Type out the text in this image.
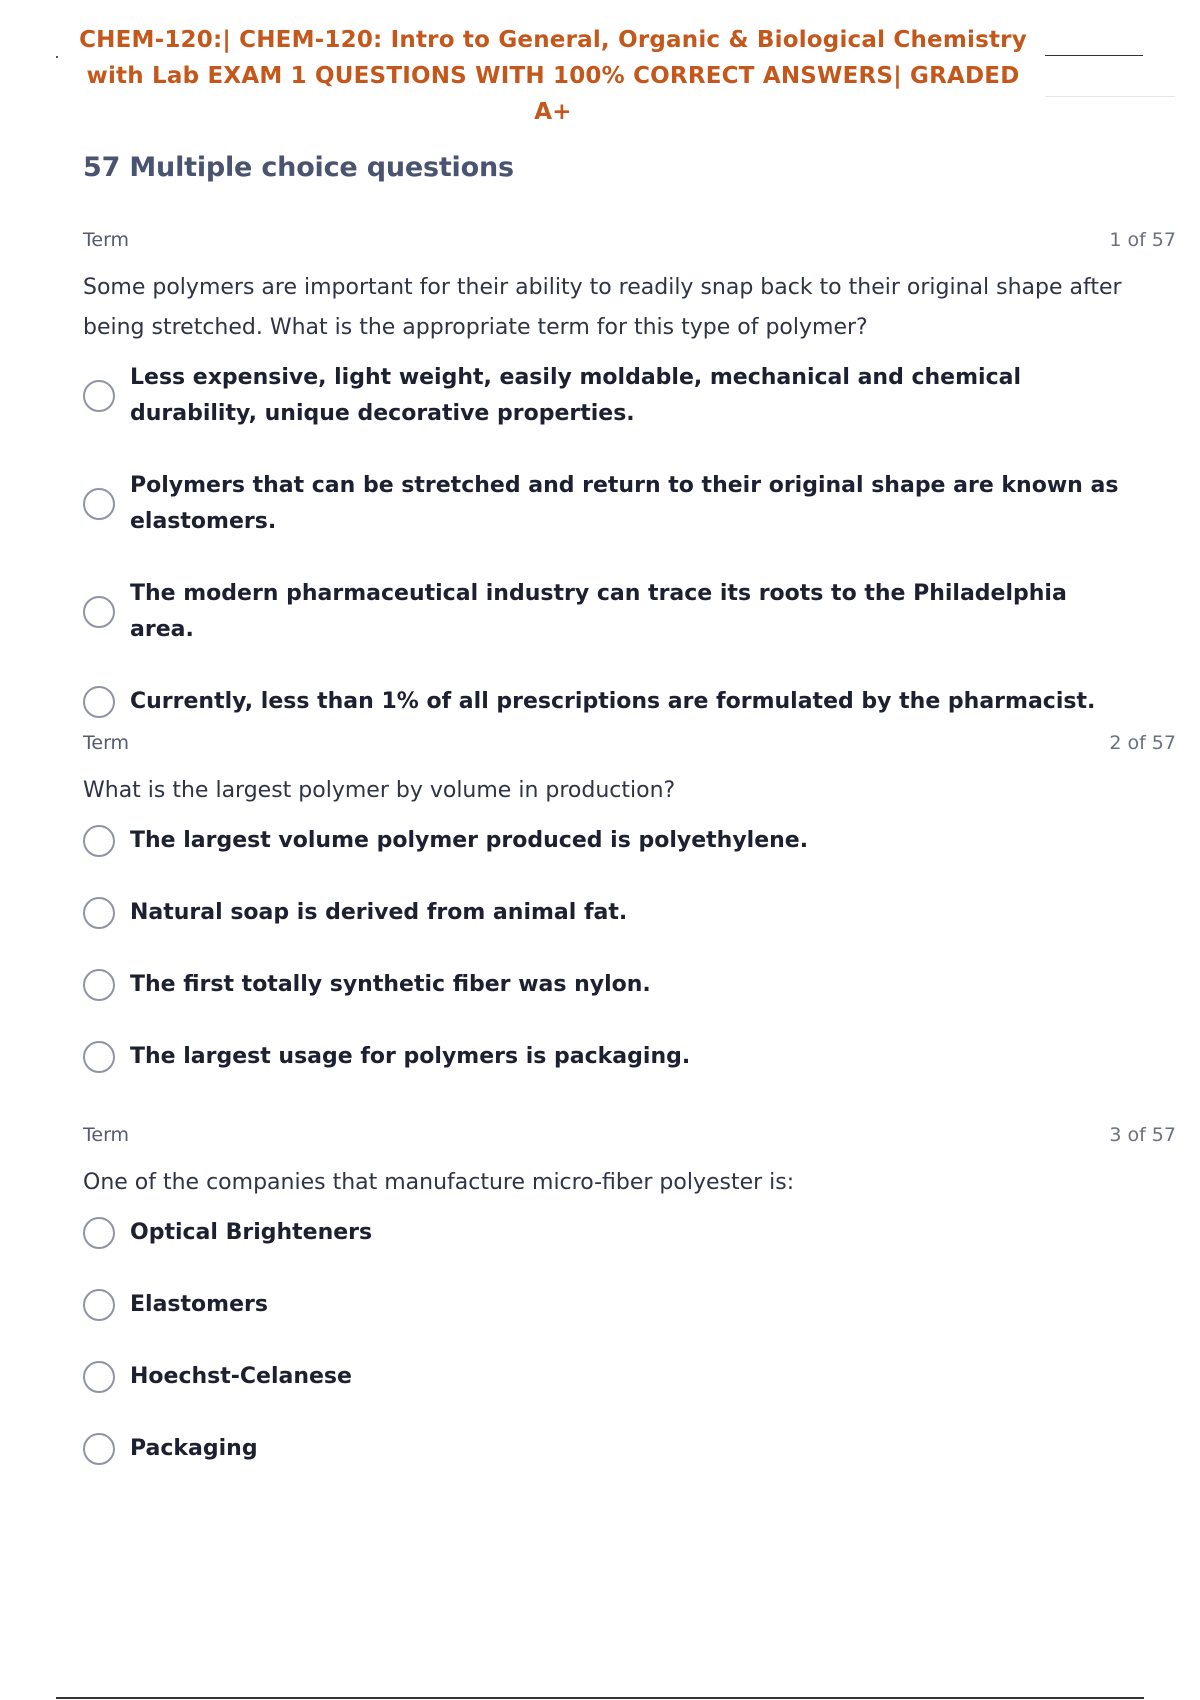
CHEM-120:| CHEM-120: Intro to General, Organic & Biological Chemistry
with Lab EXAM 1 QUESTIONS WITH 100% CORRECT ANSWERS| GRADED
A+
57 Multiple choice questions
Term	1 of 57
Some polymers are important for their ability to readily snap back to their original shape after being stretched. What is the appropriate term for this type of polymer?
Less expensive, light weight, easily moldable, mechanical and chemical durability, unique decorative properties.
Polymers that can be stretched and return to their original shape are known as elastomers.
The modern pharmaceutical industry can trace its roots to the Philadelphia area.
Currently, less than 1% of all prescriptions are formulated by the pharmacist.
Term	2 of 57
What is the largest polymer by volume in production?
The largest volume polymer produced is polyethylene.
Natural soap is derived from animal fat.
The first totally synthetic fiber was nylon.
The largest usage for polymers is packaging.
Term	3 of 57
One of the companies that manufacture micro-fiber polyester is:
Optical Brighteners
Elastomers
Hoechst-Celanese
Packaging
